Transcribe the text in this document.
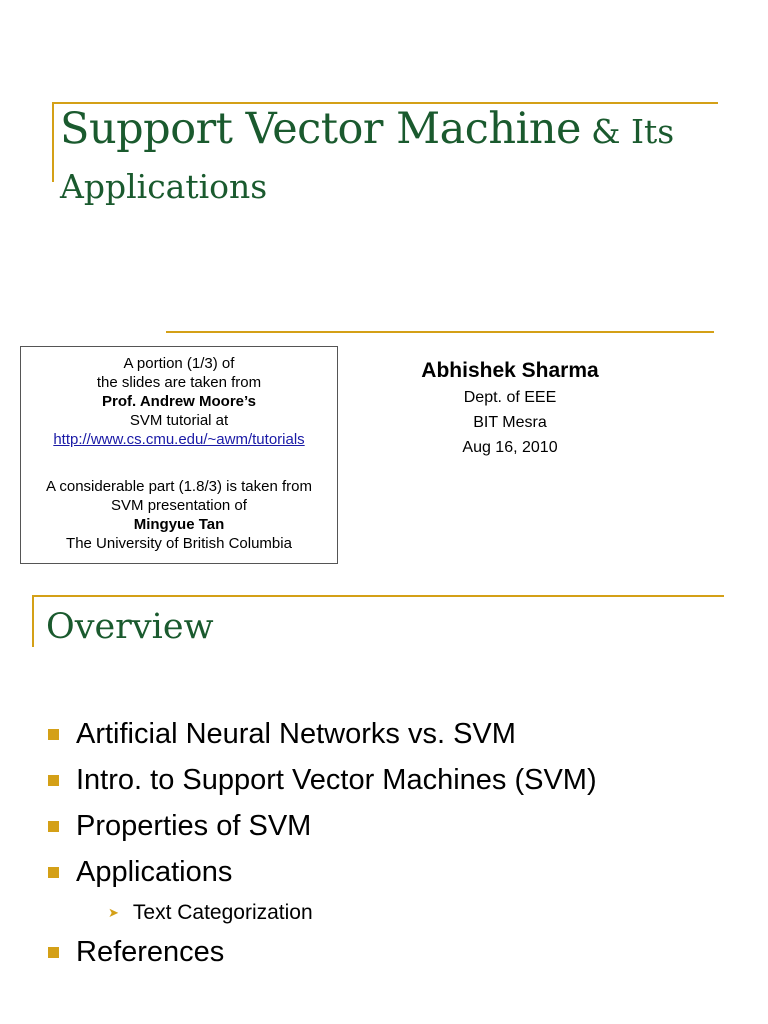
Support Vector Machine & Its
Applications
A portion (1/3) of
the slides are taken from
Prof. Andrew Moore’s
SVM tutorial at
http://www.cs.cmu.edu/~awm/tutorials
A considerable part (1.8/3) is taken from
SVM presentation of
Mingyue Tan
The University of British Columbia
Abhishek Sharma
Dept. of EEE
BIT Mesra
Aug 16, 2010
Overview
Artificial Neural Networks vs. SVM
Intro. to Support Vector Machines (SVM)
Properties of SVM
Applications
➤ Text Categorization
References
